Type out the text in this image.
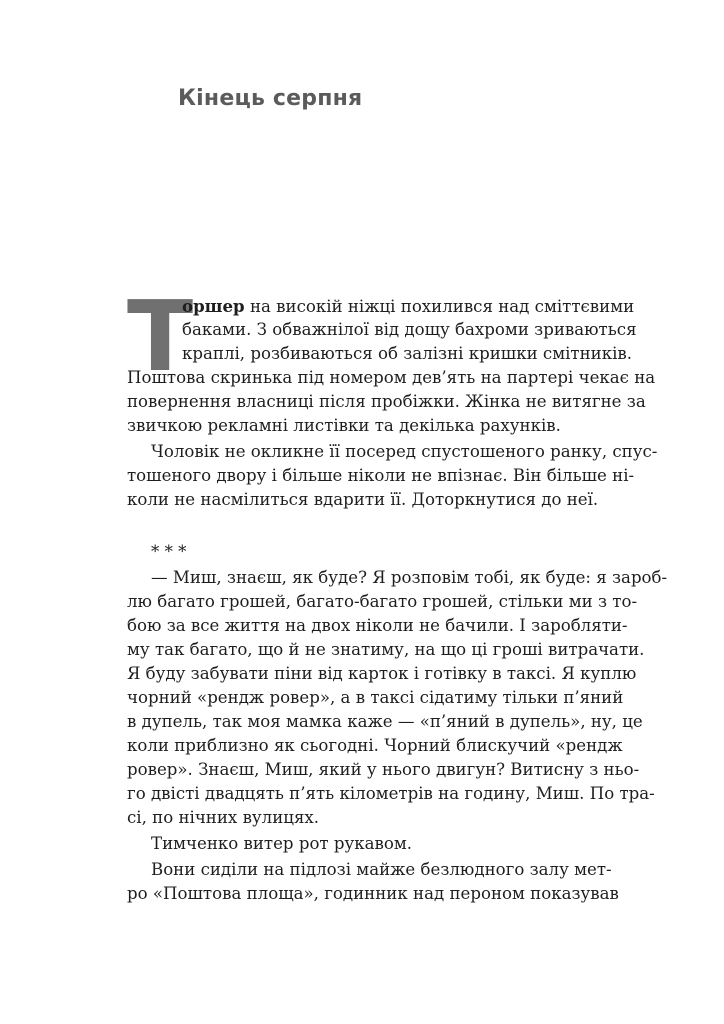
Кінець серпня
Т
оршер на високій ніжці похилився над сміттєвими
баками. З обважнілої від дощу бахроми зриваються
краплі, розбиваються об залізні кришки смітників.
Поштова скринька під номером дев’ять на партері чекає на
повернення власниці після пробіжки. Жінка не витягне за
звичкою рекламні листівки та декілька рахунків.
Чоловік не окликне її посеред спустошеного ранку, спус-
тошеного двору і більше ніколи не впізнає. Він більше ні-
коли не насмілиться вдарити її. Доторкнутися до неї.
* * *
— Миш, знаєш, як буде? Я розповім тобі, як буде: я зароб-
лю багато грошей, багато-багато грошей, стільки ми з то-
бою за все життя на двох ніколи не бачили. І заробляти-
му так багато, що й не знатиму, на що ці гроші витрачати.
Я буду забувати піни від карток і готівку в таксі. Я куплю
чорний «рендж ровер», а в таксі сідатиму тільки п’яний
в дупель, так моя мамка каже — «п’яний в дупель», ну, це
коли приблизно як сьогодні. Чорний блискучий «рендж
ровер». Знаєш, Миш, який у нього двигун? Витисну з ньо-
го двісті двадцять п’ять кілометрів на годину, Миш. По тра-
сі, по нічних вулицях.
Тимченко витер рот рукавом.
Вони сиділи на підлозі майже безлюдного залу мет-
ро «Поштова площа», годинник над пероном показував
